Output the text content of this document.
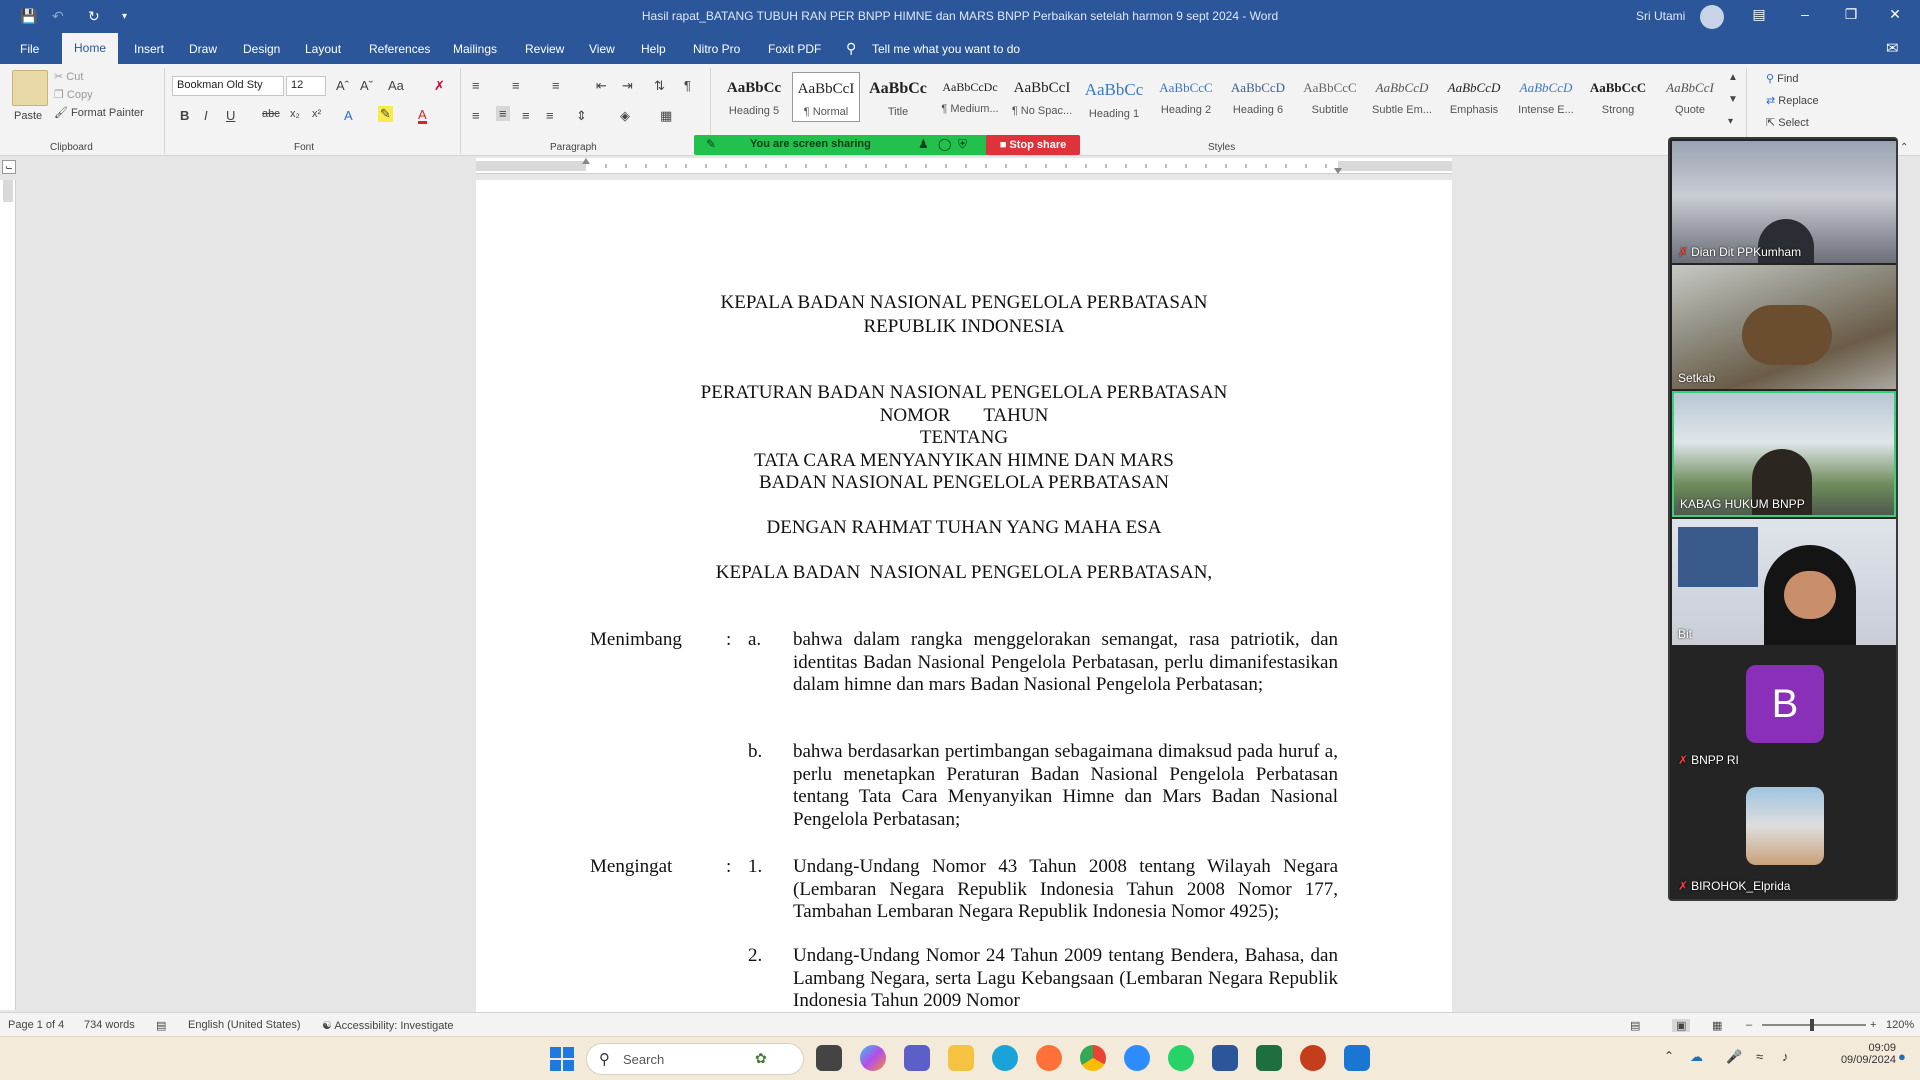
💾 ↶ ↻ ▾	Hasil rapat_BATANG TUBUH RAN PER BNPP HIMNE dan MARS BNPP Perbaikan setelah harmon 9 sept 2024 - Word	Sri Utami	▤	–	❐	✕
File	Insert Draw Design Layout References Mailings Review View Help Nitro Pro Foxit PDF ⚲ Tell me what you want to do	✉
Home
Paste
✂ Cut
❐ Copy
🖌 Format Painter
Clipboard
Bookman Old Sty	12	Aˆ Aˇ Aa ✗
B I U abc x₂ x² A ✎ A
Font
≡ ≡ ≡	⇤ ⇥ ⇅ ¶
≡ ≡ ≡ ≡ ⇕	◈ ▦
Paragraph
AaBbCc
Heading 5
AaBbCcI
¶ Normal
AaBbCc
Title
AaBbCcDc
¶ Medium...
AaBbCcI
¶ No Spac...
AaBbCc
Heading 1
AaBbCcC
Heading 2
AaBbCcD
Heading 6
AaBbCcC
Subtitle
AaBbCcD
Subtle Em...
AaBbCcD
Emphasis
AaBbCcD
Intense E...
AaBbCcC
Strong
AaBbCcI
Quote
▲
▼
▾
Styles
⚲ Find
⇄ Replace
⇱ Select
⌃
✎	You are screen sharing	♟ ◯ ⛨	■ Stop share
⌙
KEPALA BADAN NASIONAL PENGELOLA PERBATASAN
REPUBLIK INDONESIA
PERATURAN BADAN NASIONAL PENGELOLA PERBATASAN
NOMOR       TAHUN
TENTANG
TATA CARA MENYANYIKAN HIMNE DAN MARS
BADAN NASIONAL PENGELOLA PERBATASAN
DENGAN RAHMAT TUHAN YANG MAHA ESA
KEPALA BADAN  NASIONAL PENGELOLA PERBATASAN,
Menimbang : a. bahwa dalam rangka menggelorakan semangat, rasa patriotik, dan identitas Badan Nasional Pengelola Perbatasan, perlu dimanifestasikan dalam himne dan mars Badan Nasional Pengelola Perbatasan;
b. bahwa berdasarkan pertimbangan sebagaimana dimaksud pada huruf a, perlu menetapkan Peraturan Badan Nasional Pengelola Perbatasan tentang Tata Cara Menyanyikan Himne dan Mars Badan Nasional Pengelola Perbatasan;
Mengingat	: 1. Undang-Undang Nomor 43 Tahun 2008 tentang Wilayah Negara (Lembaran Negara Republik Indonesia Tahun 2008 Nomor 177, Tambahan Lembaran Negara Republik Indonesia Nomor 4925);
2. Undang-Undang Nomor 24 Tahun 2009 tentang Bendera, Bahasa, dan Lambang Negara, serta Lagu Kebangsaan (Lembaran Negara Republik Indonesia Tahun 2009 Nomor
✗ Dian Dit PPKumham
Setkab
KABAG HUKUM BNPP
Bit
B
✗ BNPP RI
✗ BIROHOK_Elprida
Page 1 of 4 734 words ▤ English (United States) ☯ Accessibility: Investigate	▤	▣	▦ –	+ 120%
⚲ Search	✿	⌃ ☁ 🎤 ≈ ♪
09:09
09/09/2024 ●
